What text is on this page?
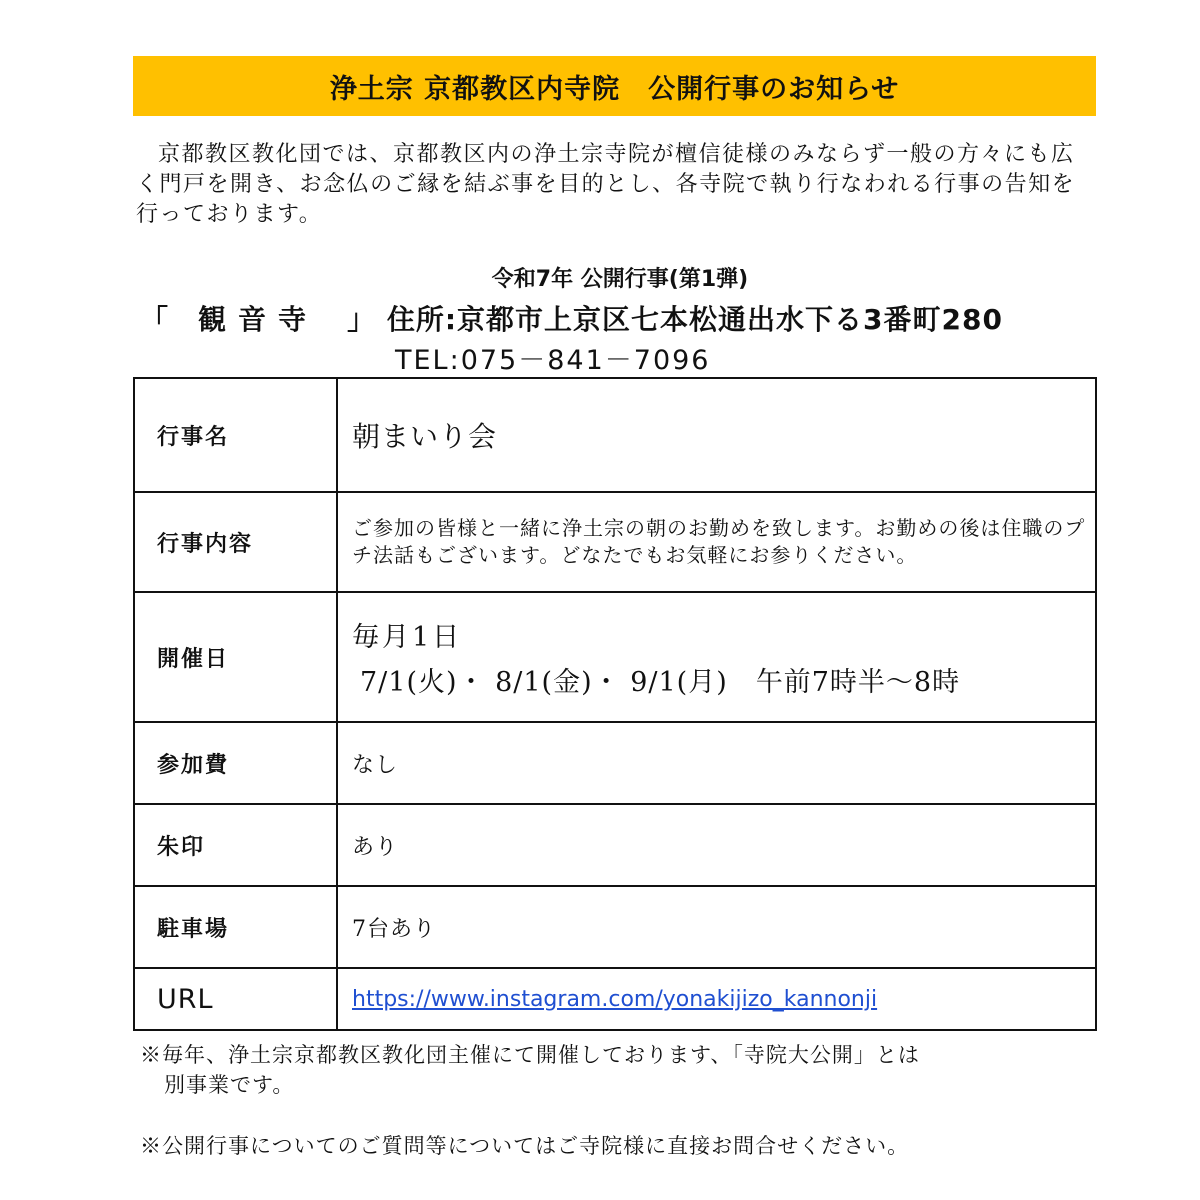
浄土宗 京都教区内寺院　公開行事のお知らせ

京都教区教化団では、京都教区内の浄土宗寺院が檀信徒様のみならず一般の方々にも広く門戸を開き、お念仏のご縁を結ぶ事を目的とし、各寺院で執り行なわれる行事の告知を行っております。

令和7年 公開行事(第1弾)

「　 観音寺　 」 住所:京都市上京区七本松通出水下る3番町280

TEL:075－841－7096

行事名	朝まいり会
行事内容	ご参加の皆様と一緒に浄土宗の朝のお勤めを致します。お勤めの後は住職のプチ法話もございます。どなたでもお気軽にお参りください。

開催日	毎月1日
7/1(火)・ 8/1(金)・ 9/1(月)　午前7時半～8時

参加費	なし
朱印	あり
駐車場	7台あり
URL	https://www.instagram.com/yonakijizo_kannonji

※毎年、浄土宗京都教区教化団主催にて開催しております、「寺院大公開」とは
別事業です。

※公開行事についてのご質問等についてはご寺院様に直接お問合せください。
